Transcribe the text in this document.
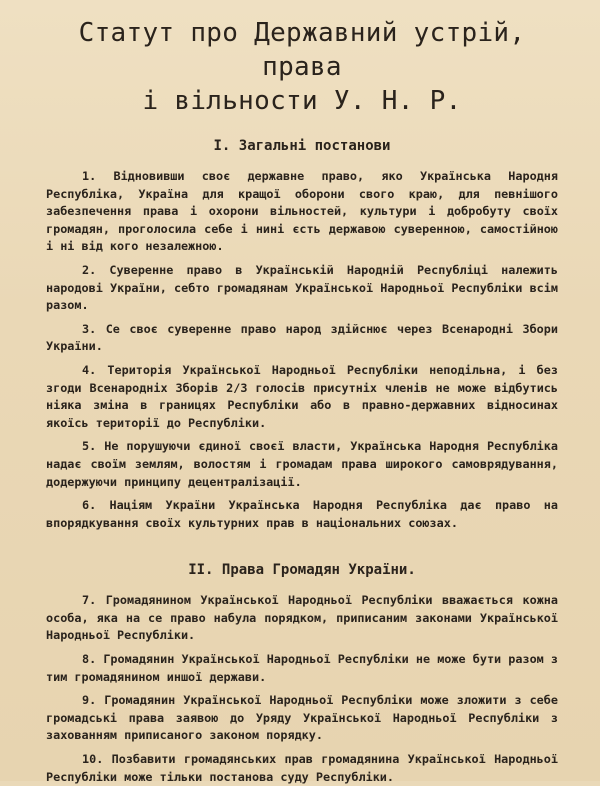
Статут про Державний устрій, права
і вільности У. Н. Р.
I. Загальні постанови

1. Відновивши своє державне право, яко Українська Народня Республіка, Україна для кращої оборони свого краю, для певнішого забезпечення права і охорони вільностей, культури і добробуту своїх громадян, проголосила себе і нині єсть державою суверенною, самостійною і ні від кого незалежною.

2. Суверенне право в Українській Народній Республіці належить народові України, себто громадянам Української Народньої Республіки всім разом.

3. Се своє суверенне право народ здійснює через Всенародні Збори України.

4. Територія Української Народньої Республіки неподільна, і без згоди Всенародніх Зборів 2/3 голосів присутніх членів не може відбутись ніяка зміна в границях Республіки або в правно-державних відносинах якоїсь території до Республіки.

5. Не порушуючи єдиної своєї власти, Українська Народня Республіка надає своїм землям, волостям і громадам права широкого самоврядування, додержуючи принципу децентралізації.

6. Націям України Українська Народня Республіка дає право на впорядкування своїх культурних прав в національних союзах.

II. Права Громадян України.

7. Громадянином Української Народньої Республіки вважається кожна особа, яка на се право набула порядком, приписаним законами Української Народньої Республіки.

8. Громадянин Української Народньої Республіки не може бути разом з тим громадянином иншої держави.

9. Громадянин Української Народньої Республіки може зложити з себе громадські права заявою до Уряду Української Народньої Республіки з захованням приписаного законом порядку.

10. Позбавити громадянських прав громадянина Української Народньої Республіки може тільки постанова суду Республіки.
